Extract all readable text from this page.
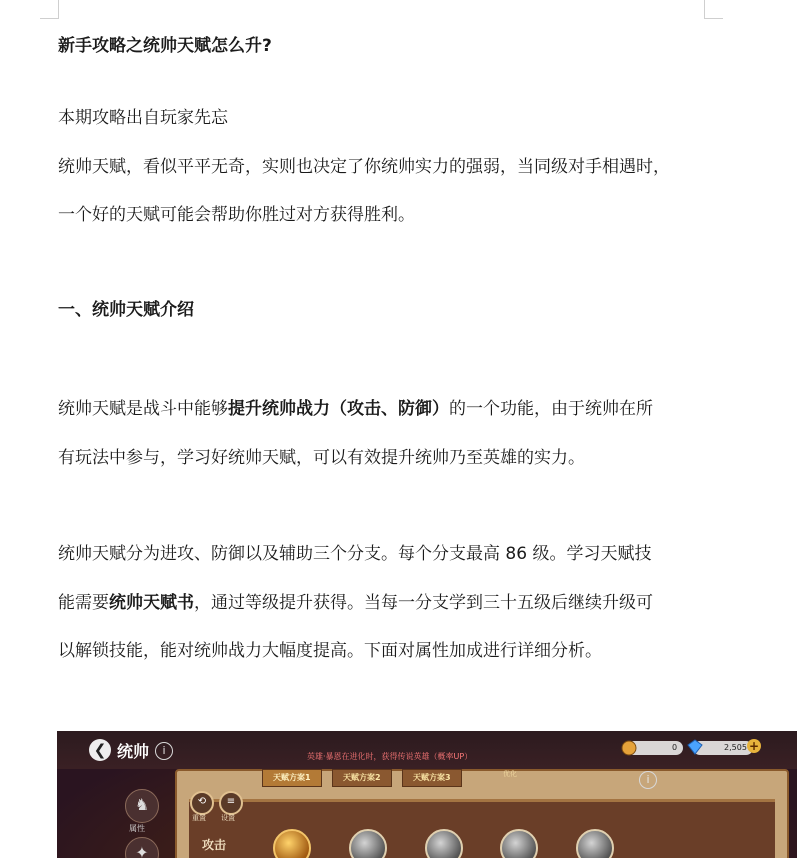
新手攻略之统帅天赋怎么升?
本期攻略出自玩家先忘
统帅天赋，看似平平无奇，实则也决定了你统帅实力的强弱，当同级对手相遇时，
一个好的天赋可能会帮助你胜过对方获得胜利。
一、统帅天赋介绍
统帅天赋是战斗中能够提升统帅战力（攻击、防御）的一个功能，由于统帅在所
有玩法中参与，学习好统帅天赋，可以有效提升统帅乃至英雄的实力。
统帅天赋分为进攻、防御以及辅助三个分支。每个分支最高 86 级。学习天赋技
能需要统帅天赋书，通过等级提升获得。当每一分支学到三十五级后继续升级可
以解锁技能，能对统帅战力大幅度提高。下面对属性加成进行详细分析。
❮ 统帅	i	英雄·暴恩在进化时，获得传说英雄（概率UP）
0	2,505 +
♞
属性
✦
天赋方案1	天赋方案2	天赋方案3	优化	i
⟲
重置
≡
设置
攻击
